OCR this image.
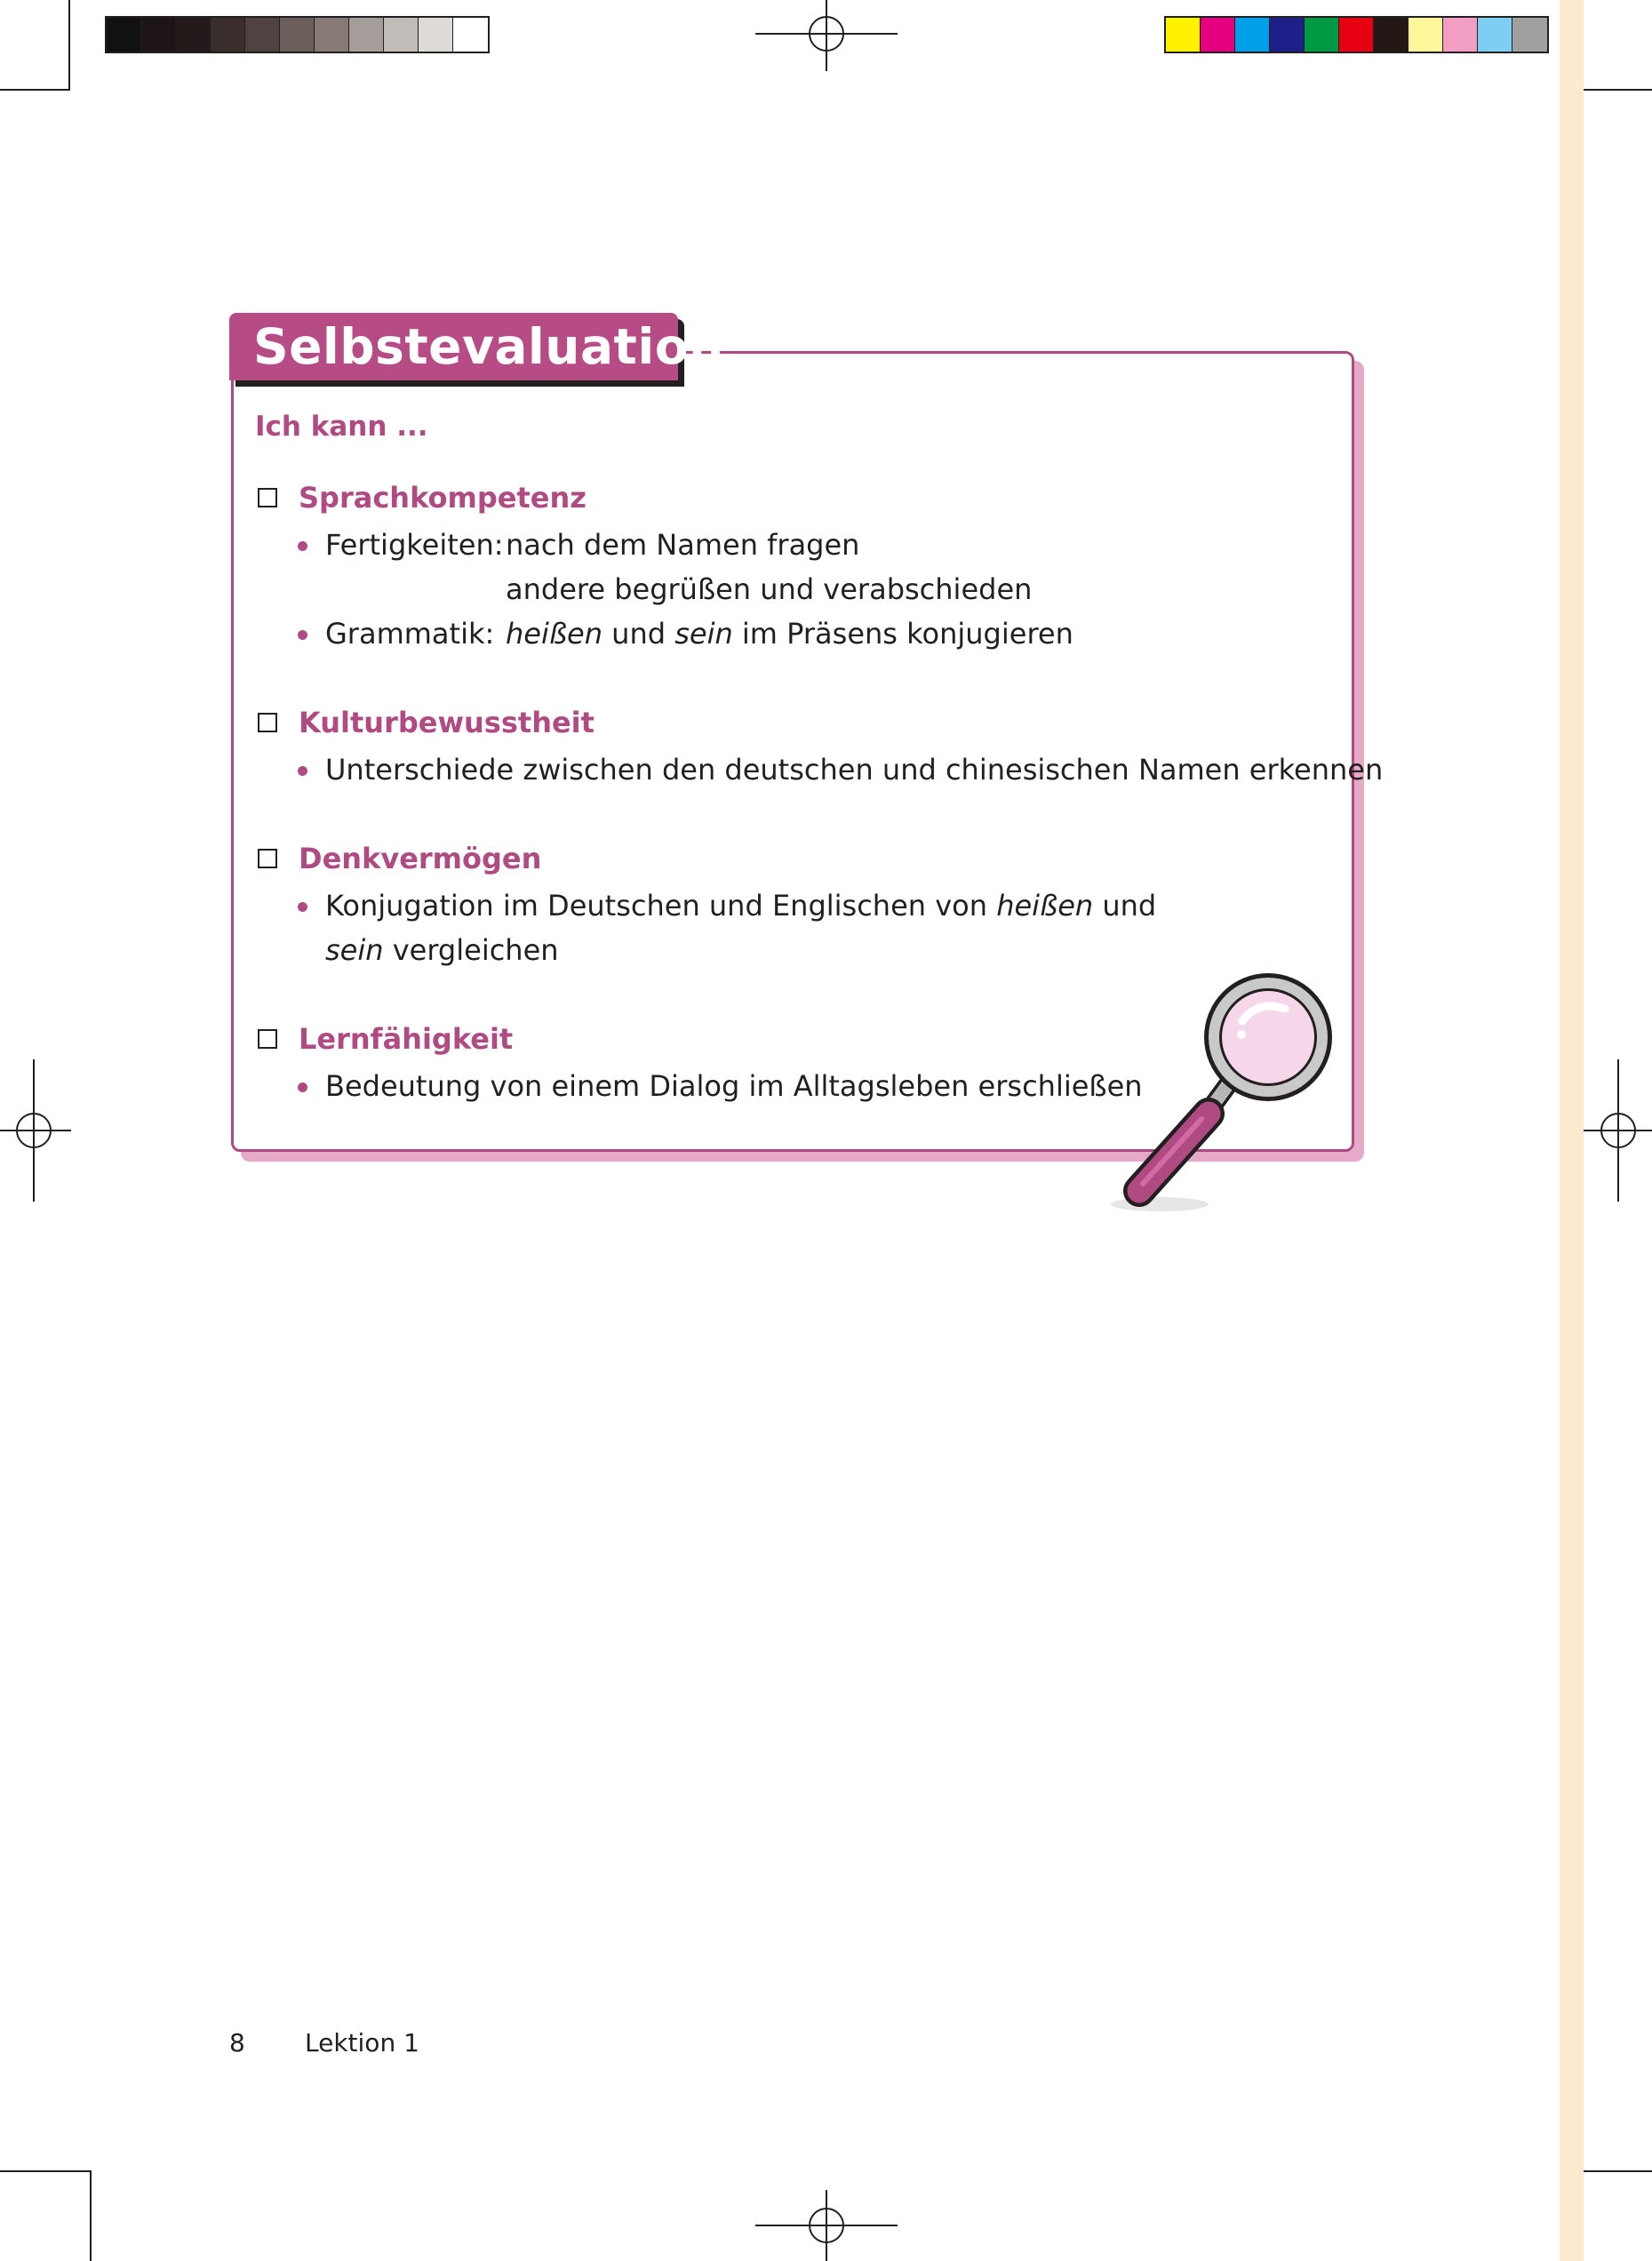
Selbstevaluation
Ich kann ...
Sprachkompetenz
Fertigkeiten: nach dem Namen fragen
andere begrüßen und verabschieden
Grammatik: heißen und sein im Präsens konjugieren
Kulturbewusstheit
Unterschiede zwischen den deutschen und chinesischen Namen erkennen
Denkvermögen
Konjugation im Deutschen und Englischen von heißen und
sein vergleichen
Lernfähigkeit
Bedeutung von einem Dialog im Alltagsleben erschließen
8 Lektion 1
